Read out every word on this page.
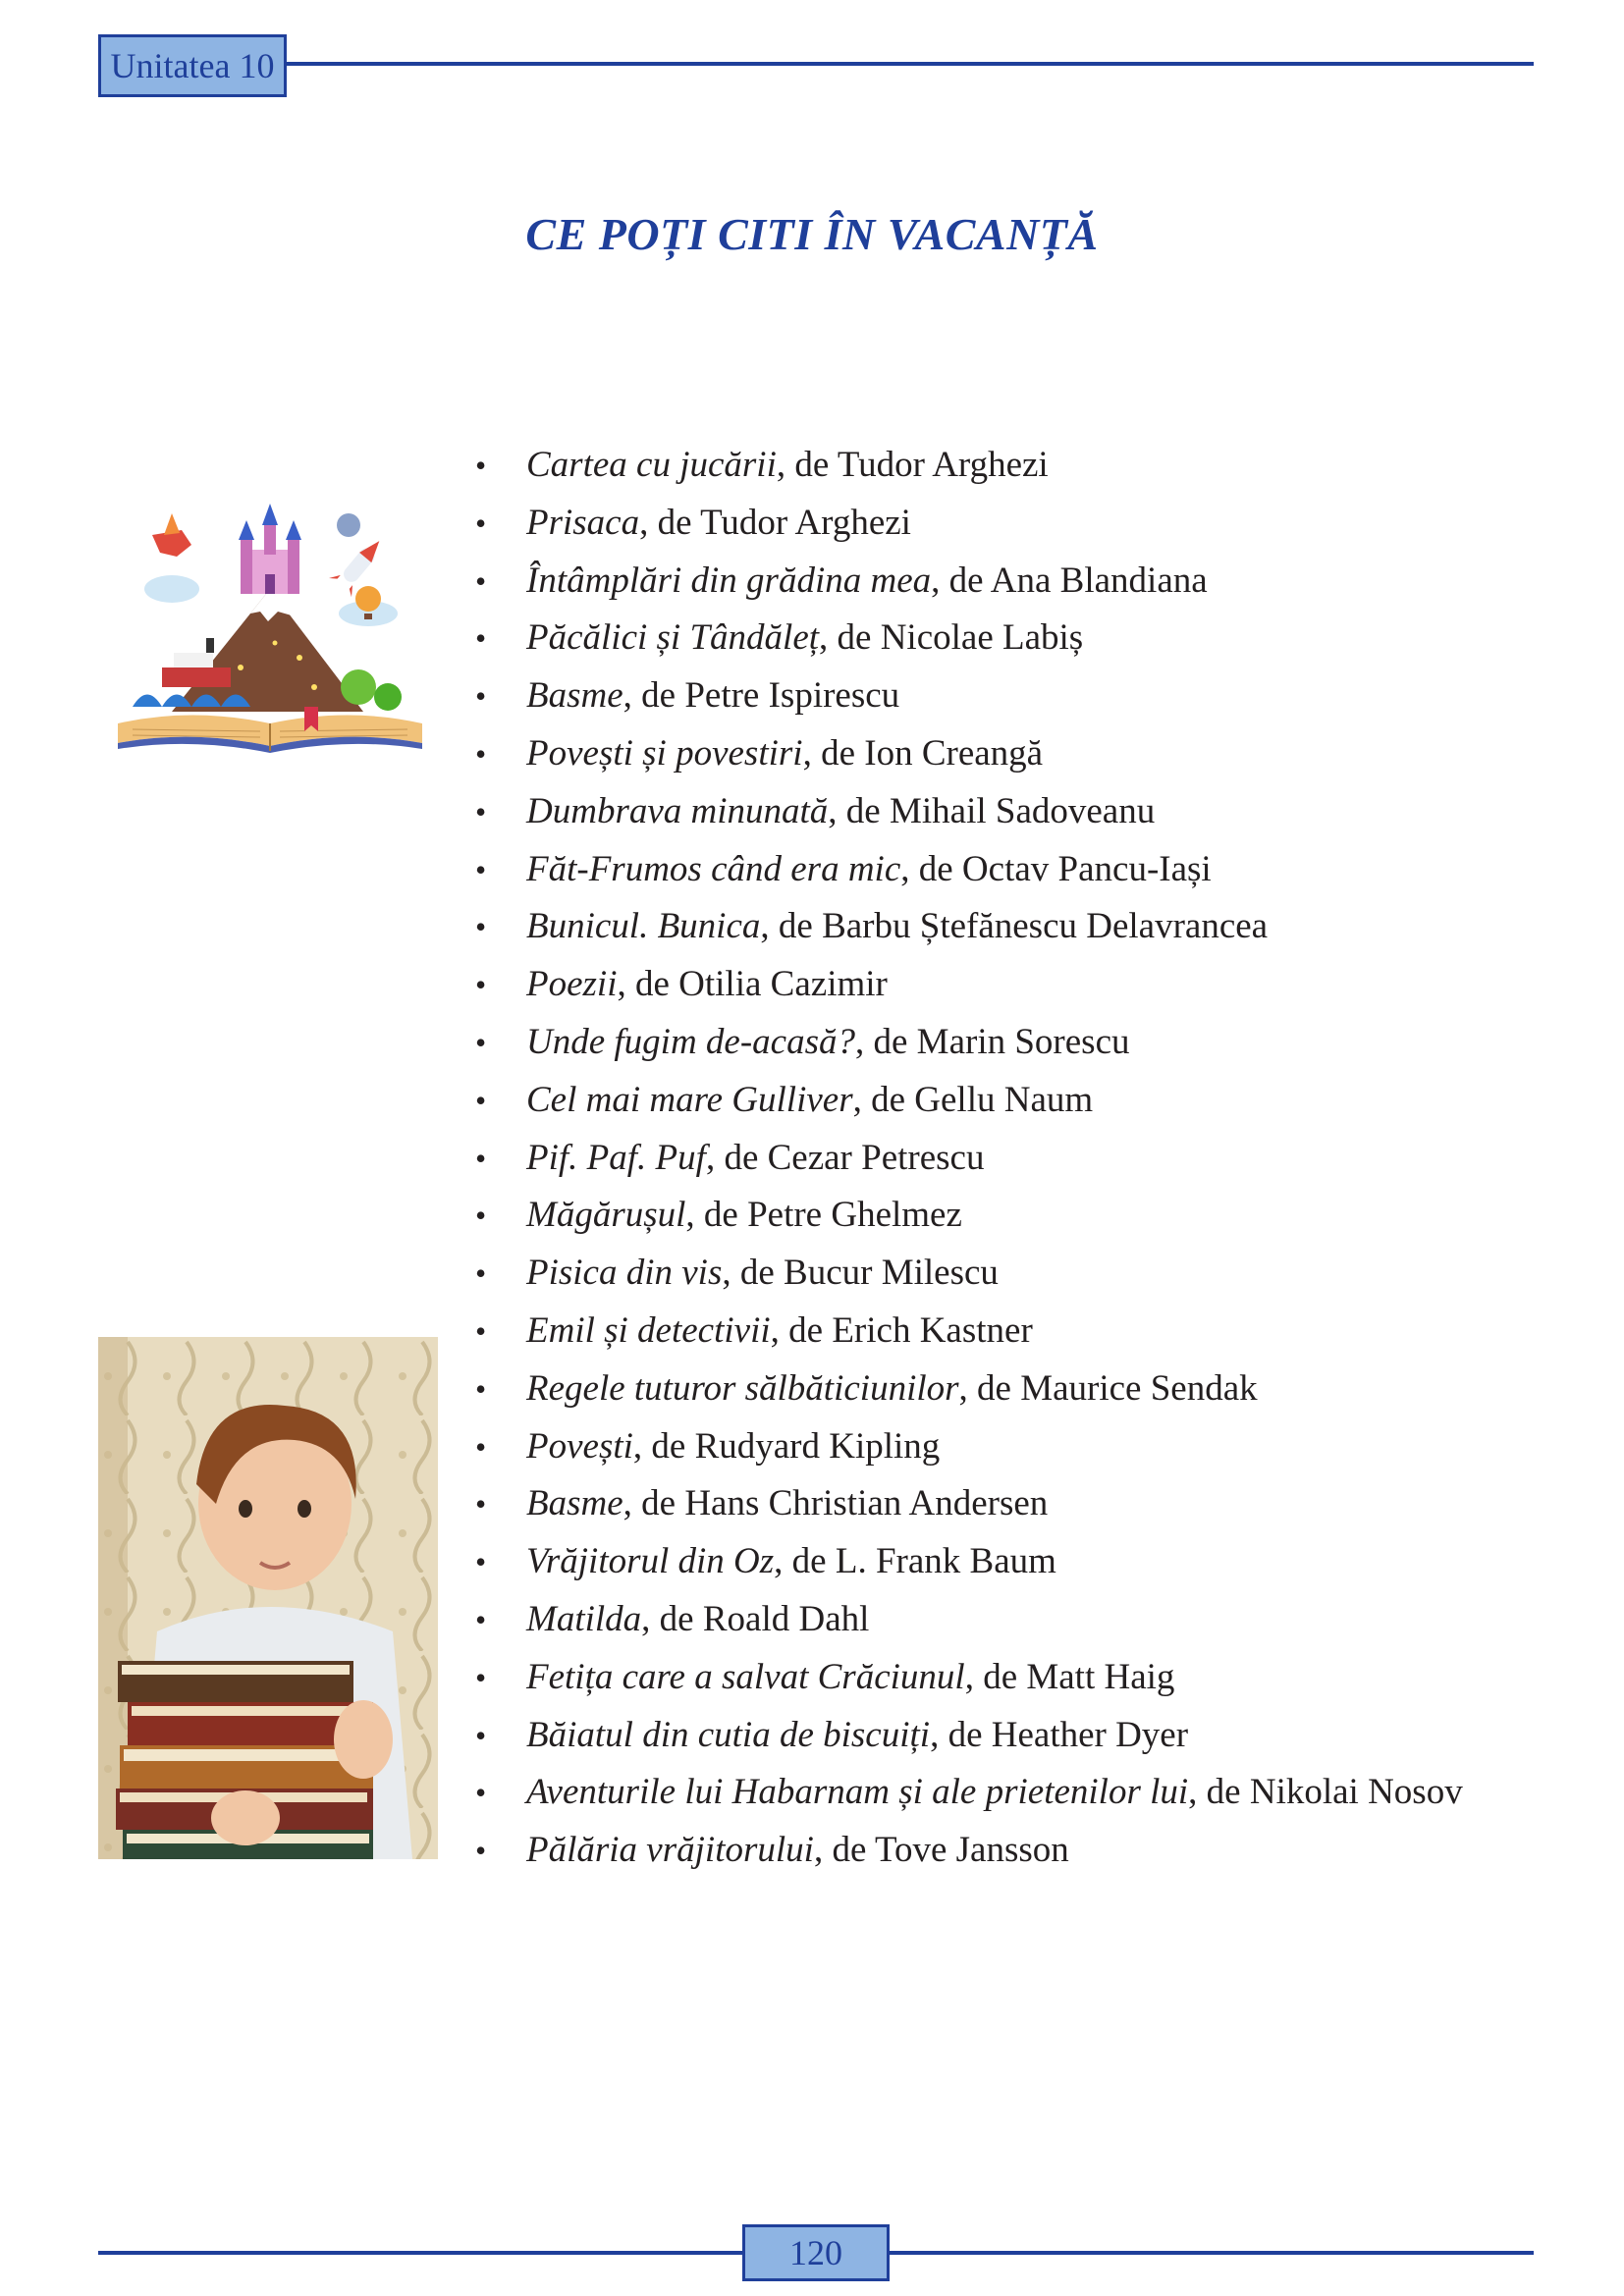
Unitatea 10
CE POȚI CITI ÎN VACANȚĂ
• Cartea cu jucării, de Tudor Arghezi
• Prisaca, de Tudor Arghezi
• Întâmplări din grădina mea, de Ana Blandiana
• Păcălici și Tândăleț, de Nicolae Labiș
• Basme, de Petre Ispirescu
• Povești și povestiri, de Ion Creangă
• Dumbrava minunată, de Mihail Sadoveanu
• Făt-Frumos când era mic, de Octav Pancu-Iași
• Bunicul. Bunica, de Barbu Ștefănescu Delavrancea
• Poezii, de Otilia Cazimir
• Unde fugim de-acasă?, de Marin Sorescu
• Cel mai mare Gulliver, de Gellu Naum
• Pif. Paf. Puf, de Cezar Petrescu
• Măgărușul, de Petre Ghelmez
• Pisica din vis, de Bucur Milescu
• Emil și detectivii, de Erich Kastner
• Regele tuturor sălbăticiunilor, de Maurice Sendak
• Povești, de Rudyard Kipling
• Basme, de Hans Christian Andersen
• Vrăjitorul din Oz, de L. Frank Baum
• Matilda, de Roald Dahl
• Fetița care a salvat Crăciunul, de Matt Haig
• Băiatul din cutia de biscuiți, de Heather Dyer
• Aventurile lui Habarnam și ale prietenilor lui, de Nikolai Nosov
• Pălăria vrăjitorului, de Tove Jansson
120
